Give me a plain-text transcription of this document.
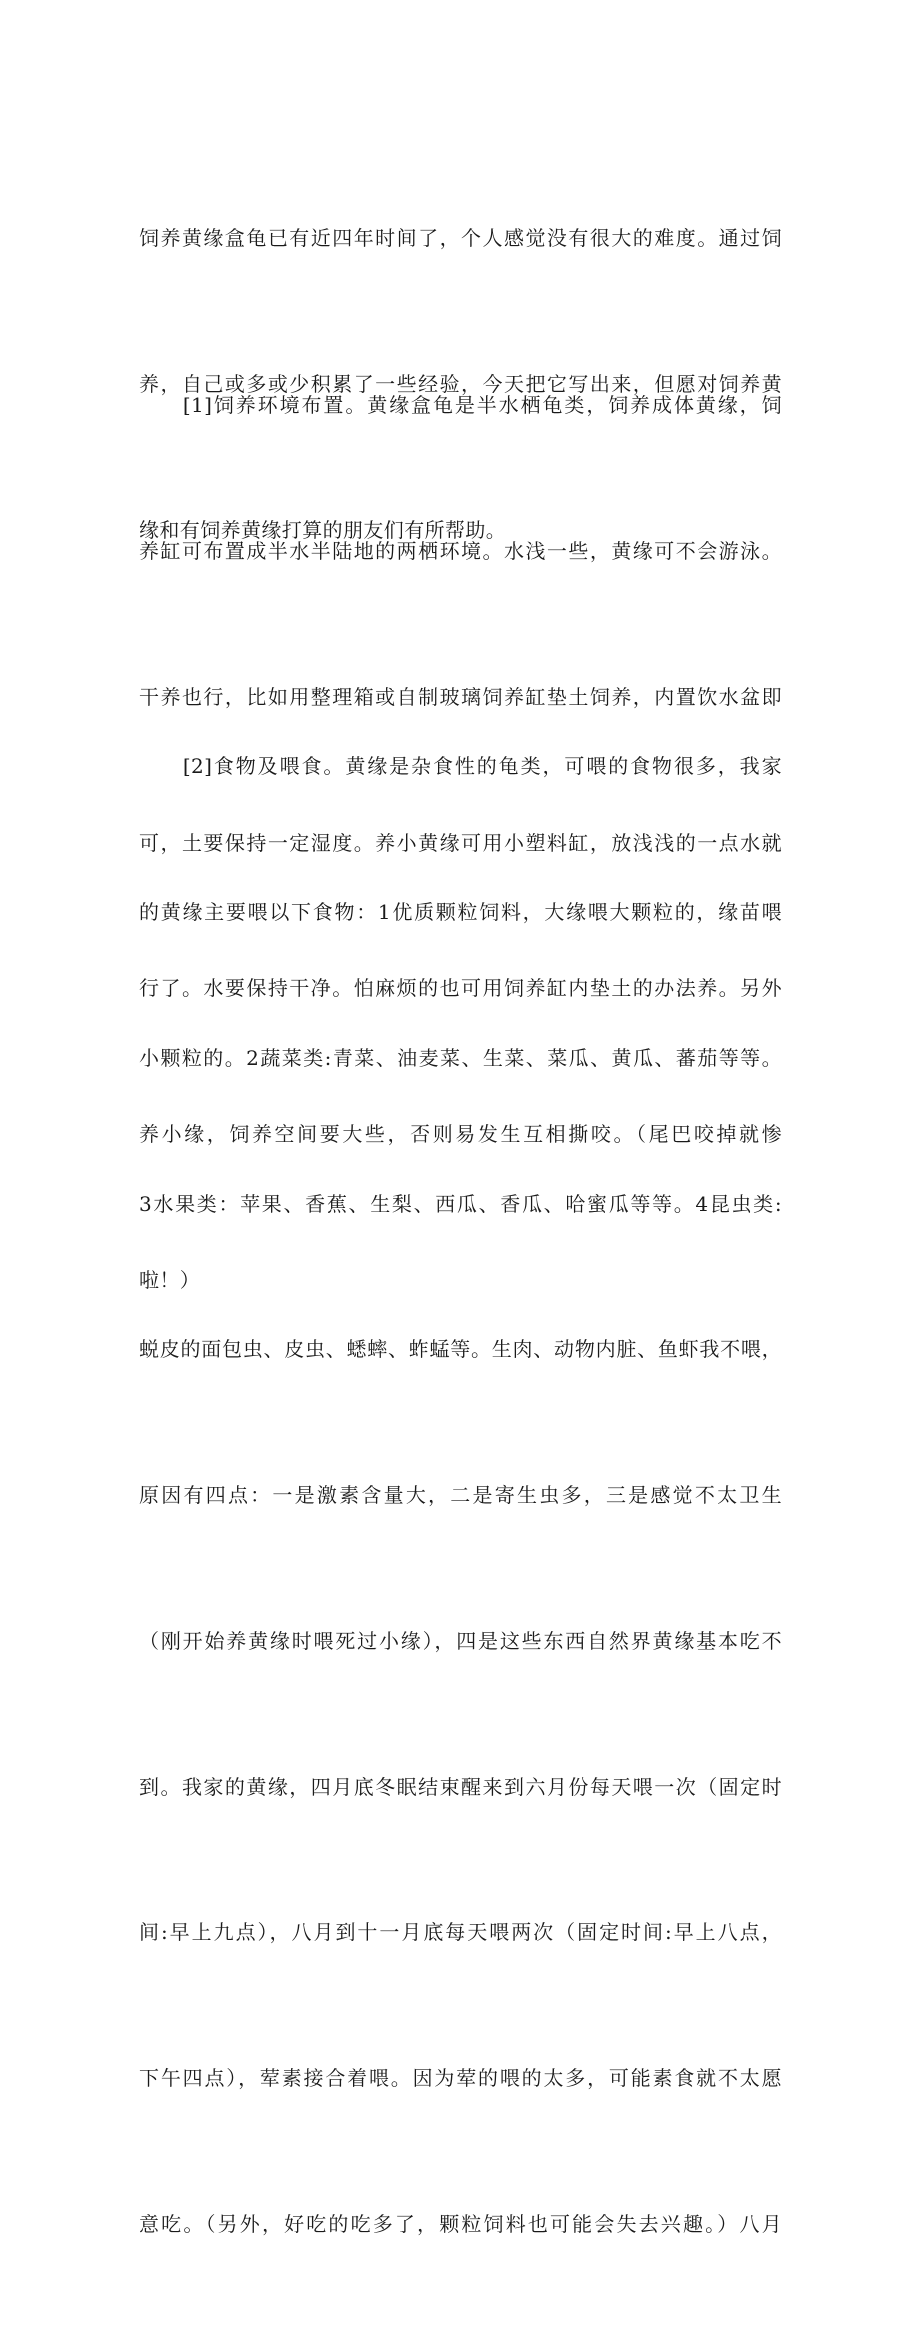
饲养黄缘盒龟已有近四年时间了，个人感觉没有很大的难度。通过饲

养，自己或多或少积累了一些经验，今天把它写出来，但愿对饲养黄

缘和有饲养黄缘打算的朋友们有所帮助。

　　[1]饲养环境布置。黄缘盒龟是半水栖龟类，饲养成体黄缘，饲

养缸可布置成半水半陆地的两栖环境。水浅一些，黄缘可不会游泳。

干养也行，比如用整理箱或自制玻璃饲养缸垫土饲养，内置饮水盆即

可，土要保持一定湿度。养小黄缘可用小塑料缸，放浅浅的一点水就

行了。水要保持干净。怕麻烦的也可用饲养缸内垫土的办法养。另外

养小缘，饲养空间要大些，否则易发生互相撕咬。（尾巴咬掉就惨

啦！）

　　[2]食物及喂食。黄缘是杂食性的龟类，可喂的食物很多，我家

的黄缘主要喂以下食物：1优质颗粒饲料，大缘喂大颗粒的，缘苗喂

小颗粒的。2蔬菜类:青菜、油麦菜、生菜、菜瓜、黄瓜、蕃茄等等。

3水果类：苹果、香蕉、生梨、西瓜、香瓜、哈蜜瓜等等。4昆虫类:

蜕皮的面包虫、皮虫、蟋蟀、蚱蜢等。生肉、动物内脏、鱼虾我不喂，

原因有四点：一是激素含量大，二是寄生虫多，三是感觉不太卫生

（刚开始养黄缘时喂死过小缘），四是这些东西自然界黄缘基本吃不

到。我家的黄缘，四月底冬眠结束醒来到六月份每天喂一次（固定时

间:早上九点），八月到十一月底每天喂两次（固定时间:早上八点，

下午四点），荤素接合着喂。因为荤的喂的太多，可能素食就不太愿

意吃。（另外，好吃的吃多了，颗粒饲料也可能会失去兴趣。）八月
